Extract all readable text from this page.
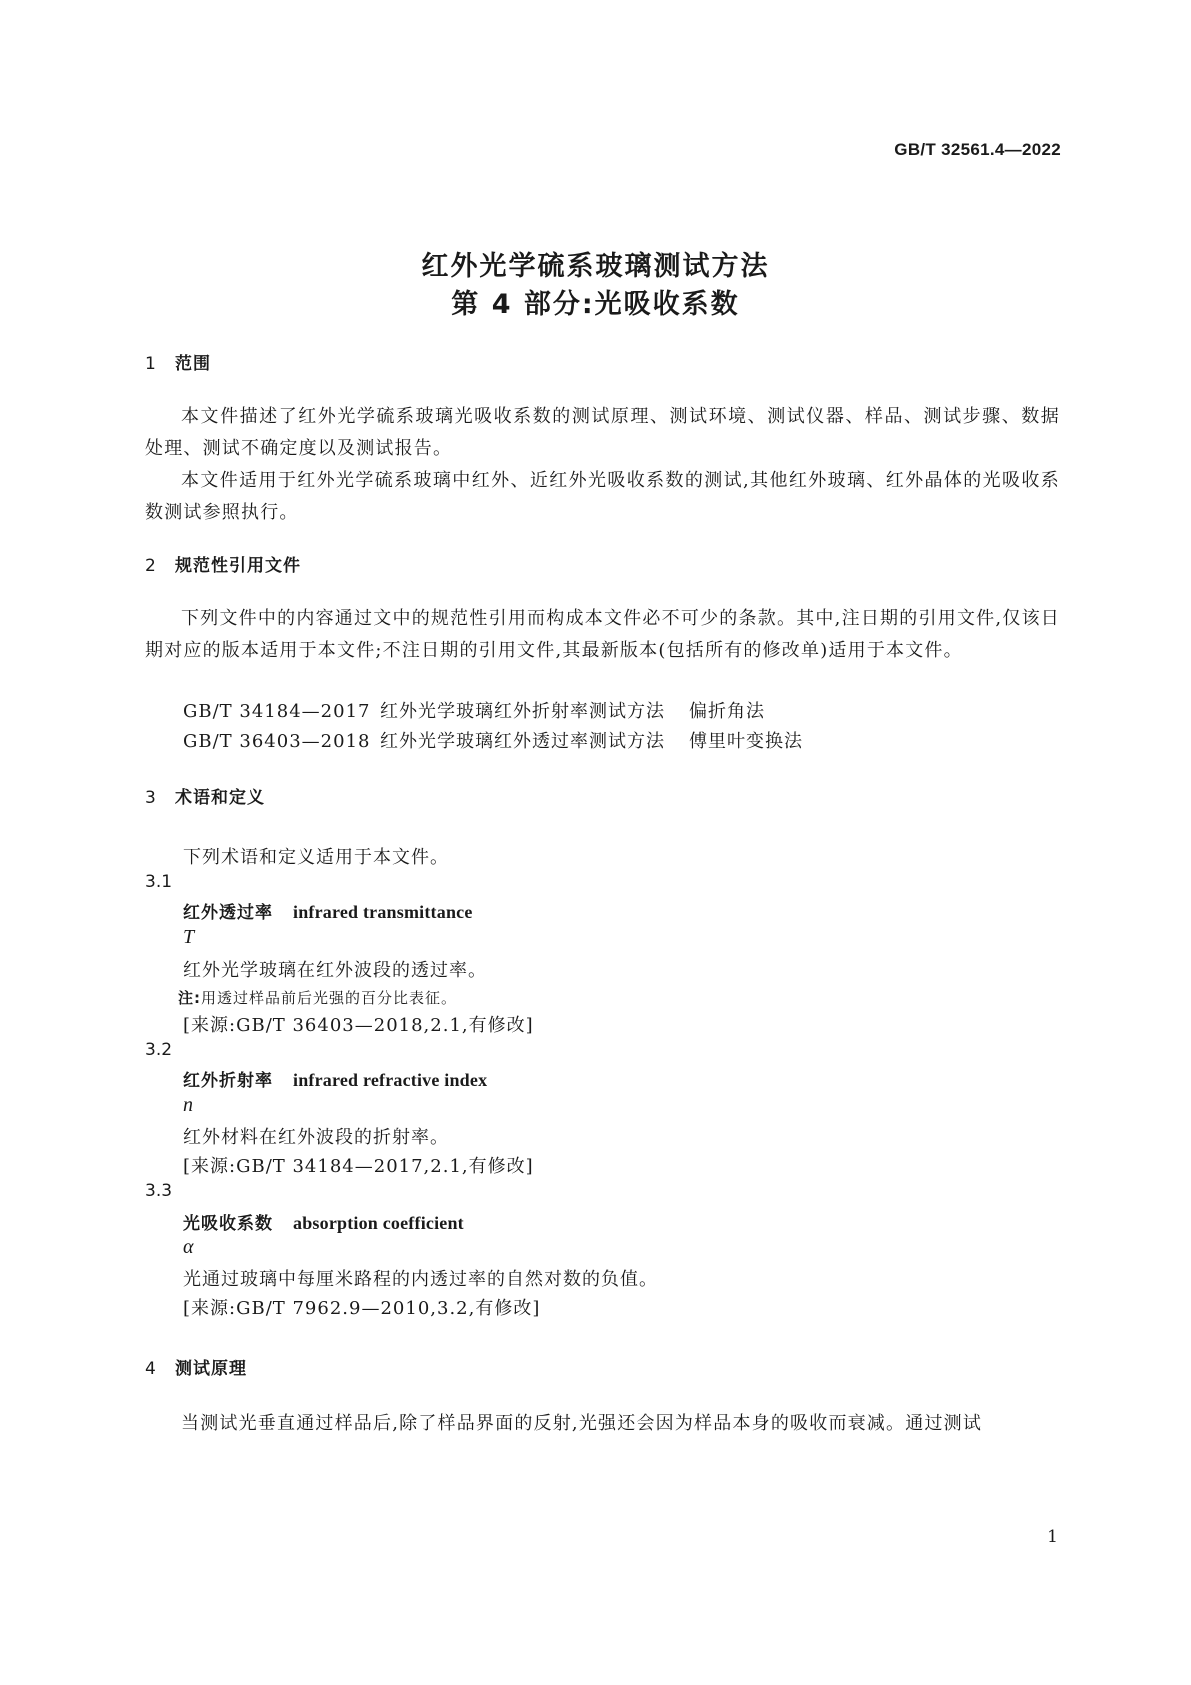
GB/T 32561.4—2022
红外光学硫系玻璃测试方法
第 4 部分:光吸收系数
1 范围
本文件描述了红外光学硫系玻璃光吸收系数的测试原理、测试环境、测试仪器、样品、测试步骤、数据处理、测试不确定度以及测试报告。
本文件适用于红外光学硫系玻璃中红外、近红外光吸收系数的测试,其他红外玻璃、红外晶体的光吸收系数测试参照执行。
2 规范性引用文件
下列文件中的内容通过文中的规范性引用而构成本文件必不可少的条款。其中,注日期的引用文件,仅该日期对应的版本适用于本文件;不注日期的引用文件,其最新版本(包括所有的修改单)适用于本文件。
GB/T 34184—2017 红外光学玻璃红外折射率测试方法 偏折角法
GB/T 36403—2018 红外光学玻璃红外透过率测试方法 傅里叶变换法
3 术语和定义
下列术语和定义适用于本文件。
3.1
红外透过率 infrared transmittance
T
红外光学玻璃在红外波段的透过率。
注:用透过样品前后光强的百分比表征。
[来源:GB/T 36403—2018,2.1,有修改]
3.2
红外折射率 infrared refractive index
n
红外材料在红外波段的折射率。
[来源:GB/T 34184—2017,2.1,有修改]
3.3
光吸收系数 absorption coefficient
α
光通过玻璃中每厘米路程的内透过率的自然对数的负值。
[来源:GB/T 7962.9—2010,3.2,有修改]
4 测试原理
当测试光垂直通过样品后,除了样品界面的反射,光强还会因为样品本身的吸收而衰减。通过测试
1
